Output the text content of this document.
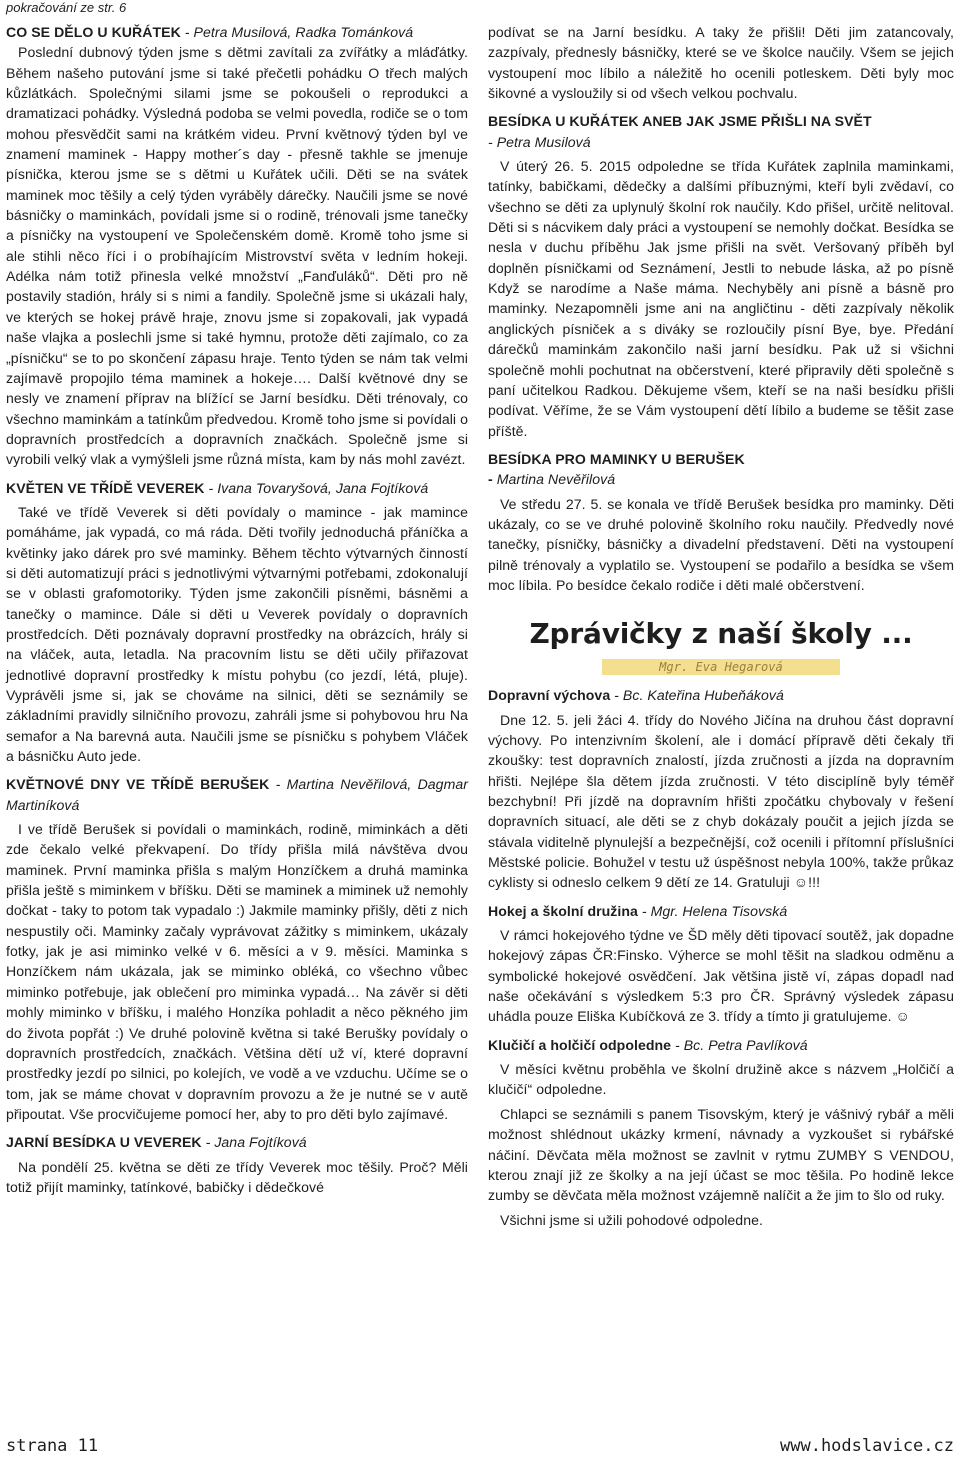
pokračování ze str. 6

CO SE DĚLO U KUŘÁTEK - Petra Musilová, Radka Tománková

Poslední dubnový týden jsme s dětmi zavítali za zvířátky a mláďátky. Během našeho putování jsme si také přečetli pohádku O třech malých kůzlátkách. Společnými silami jsme se pokoušeli o reprodukci a dramatizaci pohádky. Výsledná podoba se velmi povedla, rodiče se o tom mohou přesvědčit sami na krátkém videu. První květnový týden byl ve znamení maminek - Happy mother´s day - přesně takhle se jmenuje písnička, kterou jsme se s dětmi u Kuřátek učili. Děti se na svátek maminek moc těšily a celý týden vyráběly dárečky. Naučili jsme se nové básničky o maminkách, povídali jsme si o rodině, trénovali jsme tanečky a písničky na vystoupení ve Společenském domě. Kromě toho jsme si ale stihli něco říci i o probíhajícím Mistrovství světa v ledním hokeji. Adélka nám totiž přinesla velké množství „Fanďuláků“. Děti pro ně postavily stadión, hrály si s nimi a fandily. Společně jsme si ukázali haly, ve kterých se hokej právě hraje, znovu jsme si zopakovali, jak vypadá naše vlajka a poslechli jsme si také hymnu, protože děti zajímalo, co za „písničku“ se to po skončení zápasu hraje. Tento týden se nám tak velmi zajímavě propojilo téma maminek a hokeje…. Další květnové dny se nesly ve znamení příprav na blížící se Jarní besídku. Děti trénovaly, co všechno maminkám a tatínkům předvedou. Kromě toho jsme si povídali o dopravních prostředcích a dopravních značkách. Společně jsme si vyrobili velký vlak a vymýšleli jsme různá místa, kam by nás mohl zavézt.

KVĚTEN VE TŘÍDĚ VEVEREK - Ivana Tovaryšová, Jana Fojtíková

Také ve třídě Veverek si děti povídaly o mamince - jak mamince pomáháme, jak vypadá, co má ráda. Děti tvořily jednoduchá přáníčka a květinky jako dárek pro své maminky. Během těchto výtvarných činností si děti automatizují práci s jednotlivými výtvarnými potřebami, zdokonalují se v oblasti grafomotoriky. Týden jsme zakončili písněmi, básněmi a tanečky o mamince. Dále si děti u Veverek povídaly o dopravních prostředcích. Děti poznávaly dopravní prostředky na obrázcích, hrály si na vláček, auta, letadla. Na pracovním listu se děti učily přiřazovat jednotlivé dopravní prostředky k místu pohybu (co jezdí, létá, pluje). Vyprávěli jsme si, jak se chováme na silnici, děti se seznámily se základními pravidly silničního provozu, zahráli jsme si pohybovou hru Na semafor a Na barevná auta. Naučili jsme se písničku s pohybem Vláček a básničku Auto jede.

KVĚTNOVÉ DNY VE TŘÍDĚ BERUŠEK - Martina Nevěřilová, Dagmar Martiníková

I ve třídě Berušek si povídali o maminkách, rodině, miminkách a děti zde čekalo velké překvapení. Do třídy přišla milá návštěva dvou maminek. První maminka přišla s malým Honzíčkem a druhá maminka přišla ještě s miminkem v bříšku. Děti se maminek a miminek už nemohly dočkat - taky to potom tak vypadalo :) Jakmile maminky přišly, děti z nich nespustily oči. Maminky začaly vyprávovat zážitky s miminkem, ukázaly fotky, jak je asi miminko velké v 6. měsíci a v 9. měsíci. Maminka s Honzíčkem nám ukázala, jak se miminko obléká, co všechno vůbec miminko potřebuje, jak oblečení pro miminka vypadá… Na závěr si děti mohly miminko v bříšku, i malého Honzíka pohladit a něco pěkného jim do života popřát :) Ve druhé polovině května si také Berušky povídaly o dopravních prostředcích, značkách. Většina dětí už ví, které dopravní prostředky jezdí po silnici, po kolejích, ve vodě a ve vzduchu. Učíme se o tom, jak se máme chovat v dopravním provozu a že je nutné se v autě připoutat. Vše procvičujeme pomocí her, aby to pro děti bylo zajímavé.

JARNÍ BESÍDKA U VEVEREK - Jana Fojtíková

Na pondělí 25. května se děti ze třídy Veverek moc těšily. Proč? Měli totiž přijít maminky, tatínkové, babičky i dědečkové

podívat se na Jarní besídku. A taky že přišli! Děti jim zatancovaly, zazpívaly, přednesly básničky, které se ve školce naučily. Všem se jejich vystoupení moc líbilo a náležitě ho ocenili potleskem. Děti byly moc šikovné a vysloužily si od všech velkou pochvalu.

BESÍDKA U KUŘÁTEK ANEB JAK JSME PŘIŠLI NA SVĚT

- Petra Musilová

V úterý 26. 5. 2015 odpoledne se třída Kuřátek zaplnila maminkami, tatínky, babičkami, dědečky a dalšími příbuznými, kteří byli zvědaví, co všechno se děti za uplynulý školní rok naučily. Kdo přišel, určitě nelitoval. Děti si s nácvikem daly práci a vystoupení se nemohly dočkat. Besídka se nesla v duchu příběhu Jak jsme přišli na svět. Veršovaný příběh byl doplněn písničkami od Seznámení, Jestli to nebude láska, až po písně Když se narodíme a Naše máma. Nechyběly ani písně a básně pro maminky. Nezapomněli jsme ani na angličtinu - děti zazpívaly několik anglických písniček a s diváky se rozloučily písní Bye, bye. Předání dárečků maminkám zakončilo naši jarní besídku. Pak už si všichni společně mohli pochutnat na občerstvení, které připravily děti společně s paní učitelkou Radkou. Děkujeme všem, kteří se na naši besídku přišli podívat. Věříme, že se Vám vystoupení dětí líbilo a budeme se těšit zase příště.

BESÍDKA PRO MAMINKY U BERUŠEK

- Martina Nevěřilová

Ve středu 27. 5. se konala ve třídě Berušek besídka pro maminky. Děti ukázaly, co se ve druhé polovině školního roku naučily. Předvedly nové tanečky, písničky, básničky a divadelní představení. Děti na vystoupení pilně trénovaly a vyplatilo se. Vystoupení se podařilo a besídka se všem moc líbila. Po besídce čekalo rodiče i děti malé občerstvení.

Zprávičky z naší školy ...
Mgr. Eva Hegarová

Dopravní výchova - Bc. Kateřina Hubeňáková

Dne 12. 5. jeli žáci 4. třídy do Nového Jičína na druhou část dopravní výchovy. Po intenzivním školení, ale i domácí přípravě děti čekaly tři zkoušky: test dopravních znalostí, jízda zručnosti a jízda na dopravním hřišti. Nejlépe šla dětem jízda zručnosti. V této disciplíně byly téměř bezchybní! Při jízdě na dopravním hřišti zpočátku chybovaly v řešení dopravních situací, ale děti se z chyb dokázaly poučit a jejich jízda se stávala viditelně plynulejší a bezpečnější, což ocenili i přítomní příslušníci Městské policie. Bohužel v testu už úspěšnost nebyla 100%, takže průkaz cyklisty si odneslo celkem 9 dětí ze 14. Gratuluji ☺!!!

Hokej a školní družina - Mgr. Helena Tisovská

V rámci hokejového týdne ve ŠD měly děti tipovací soutěž, jak dopadne hokejový zápas ČR:Finsko. Výherce se mohl těšit na sladkou odměnu a symbolické hokejové osvědčení. Jak většina jistě ví, zápas dopadl nad naše očekávání s výsledkem 5:3 pro ČR. Správný výsledek zápasu uhádla pouze Eliška Kubíčková ze 3. třídy a tímto ji gratulujeme. ☺

Klučičí a holčičí odpoledne - Bc. Petra Pavlíková

V měsíci květnu proběhla ve školní družině akce s názvem „Holčičí a klučičí“ odpoledne.

Chlapci se seznámili s panem Tisovským, který je vášnivý rybář a měli možnost shlédnout ukázky krmení, návnady a vyzkoušet si rybářské náčiní. Děvčata měla možnost se zavlnit v rytmu ZUMBY S VENDOU, kterou znají již ze školky a na její účast se moc těšila. Po hodině lekce zumby se děvčata měla možnost vzájemně nalíčit a že jim to šlo od ruky.

Všichni jsme si užili pohodové odpoledne.

strana 11	www.hodslavice.cz
